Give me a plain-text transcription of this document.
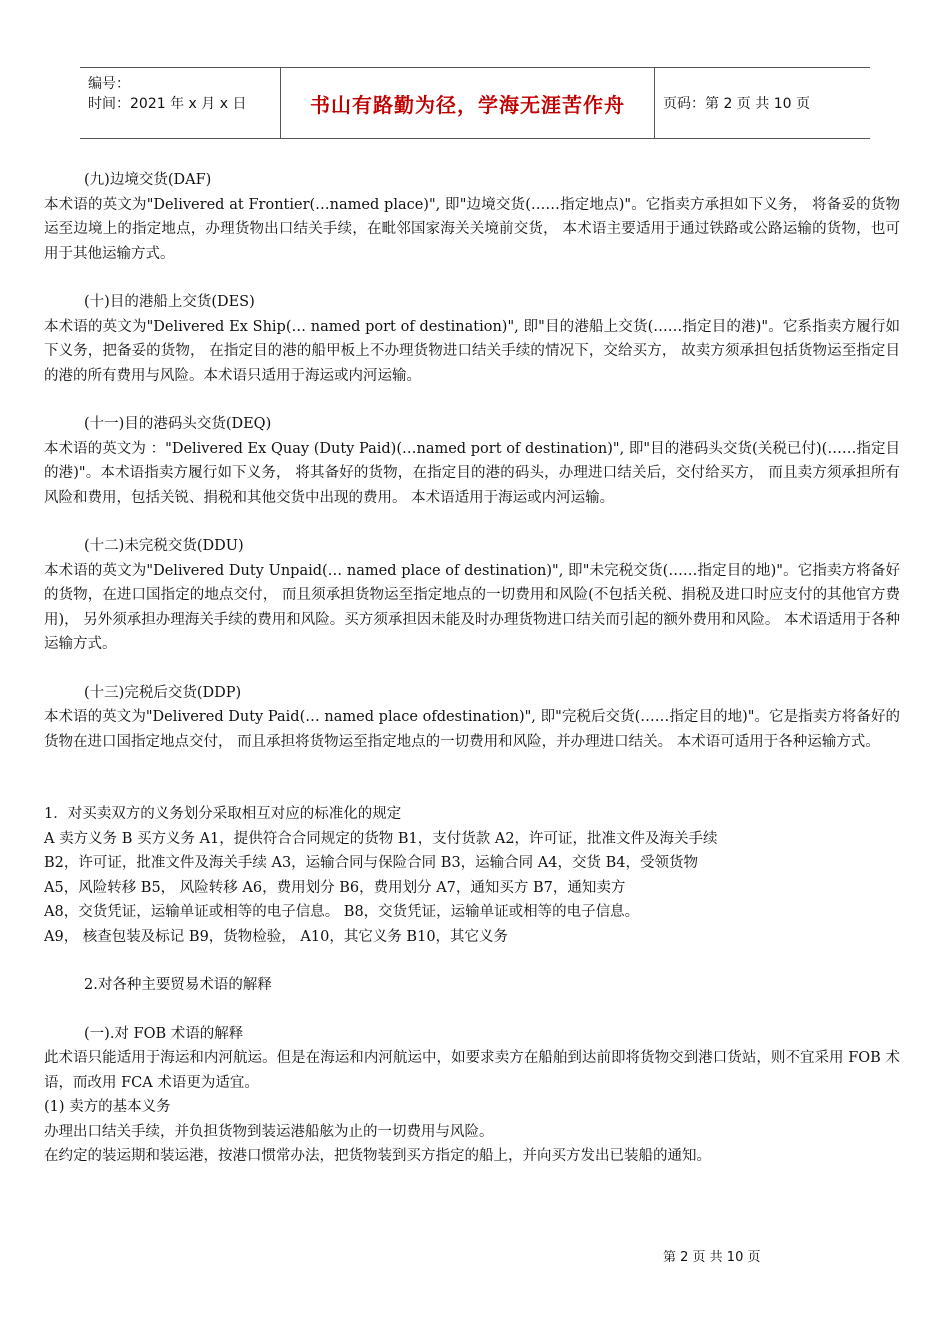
编号：
时间：2021 年 x 月 x 日	书山有路勤为径，学海无涯苦作舟	页码：第 2 页 共 10 页

(九)边境交货(DAF)

本术语的英文为"Delivered at Frontier(…named place)", 即"边境交货(……指定地点)"。它指卖方承担如下义务， 将备妥的货物运至边境上的指定地点，办理货物出口结关手续，在毗邻国家海关关境前交货， 本术语主要适用于通过铁路或公路运输的货物，也可用于其他运输方式。

(十)目的港船上交货(DES)

本术语的英文为"Delivered Ex Ship(… named port of destination)", 即"目的港船上交货(……指定目的港)"。它系指卖方履行如下义务，把备妥的货物， 在指定目的港的船甲板上不办理货物进口结关手续的情况下，交给买方， 故卖方须承担包括货物运至指定目的港的所有费用与风险。本术语只适用于海运或内河运输。

(十一)目的港码头交货(DEQ)

本术语的英文为 ："Delivered Ex Quay (Duty Paid)(…named port of destination)", 即"目的港码头交货(关税已付)(……指定目的港)"。本术语指卖方履行如下义务， 将其备好的货物，在指定目的港的码头，办理进口结关后，交付给买方， 而且卖方须承担所有风险和费用，包括关锐、捐税和其他交货中出现的费用。 本术语适用于海运或内河运输。

(十二)未完税交货(DDU)

本术语的英文为"Delivered Duty Unpaid(… named place of destination)", 即"未完税交货(……指定目的地)"。它指卖方将备好的货物，在进口国指定的地点交付， 而且须承担货物运至指定地点的一切费用和风险(不包括关税、捐税及进口时应支付的其他官方费用)， 另外须承担办理海关手续的费用和风险。买方须承担因未能及时办理货物进口结关而引起的额外费用和风险。 本术语适用于各种运输方式。

(十三)完税后交货(DDP)

本术语的英文为"Delivered Duty Paid(… named place ofdestination)", 即"完税后交货(……指定目的地)"。它是指卖方将备好的货物在进口国指定地点交付， 而且承担将货物运至指定地点的一切费用和风险，并办理进口结关。 本术语可适用于各种运输方式。

1．对买卖双方的义务划分采取相互对应的标准化的规定

A 卖方义务 B 买方义务 A1，提供符合合同规定的货物 B1，支付货款 A2，许可证，批准文件及海关手续

B2，许可证，批准文件及海关手续 A3，运输合同与保险合同 B3，运输合同 A4，交货 B4，受领货物

A5，风险转移 B5， 风险转移 A6，费用划分 B6，费用划分 A7，通知买方 B7，通知卖方

A8，交货凭证，运输单证或相等的电子信息。 B8，交货凭证，运输单证或相等的电子信息。

A9， 核查包装及标记 B9，货物检验， A10，其它义务 B10，其它义务

2.对各种主要贸易术语的解释

(一).对 FOB 术语的解释

此术语只能适用于海运和内河航运。但是在海运和内河航运中，如要求卖方在船舶到达前即将货物交到港口货站，则不宜采用 FOB 术语，而改用 FCA 术语更为适宜。

(1) 卖方的基本义务

办理出口结关手续，并负担货物到装运港船舷为止的一切费用与风险。

在约定的装运期和装运港，按港口惯常办法，把货物装到买方指定的船上，并向买方发出已装船的通知。

第 2 页 共 10 页
